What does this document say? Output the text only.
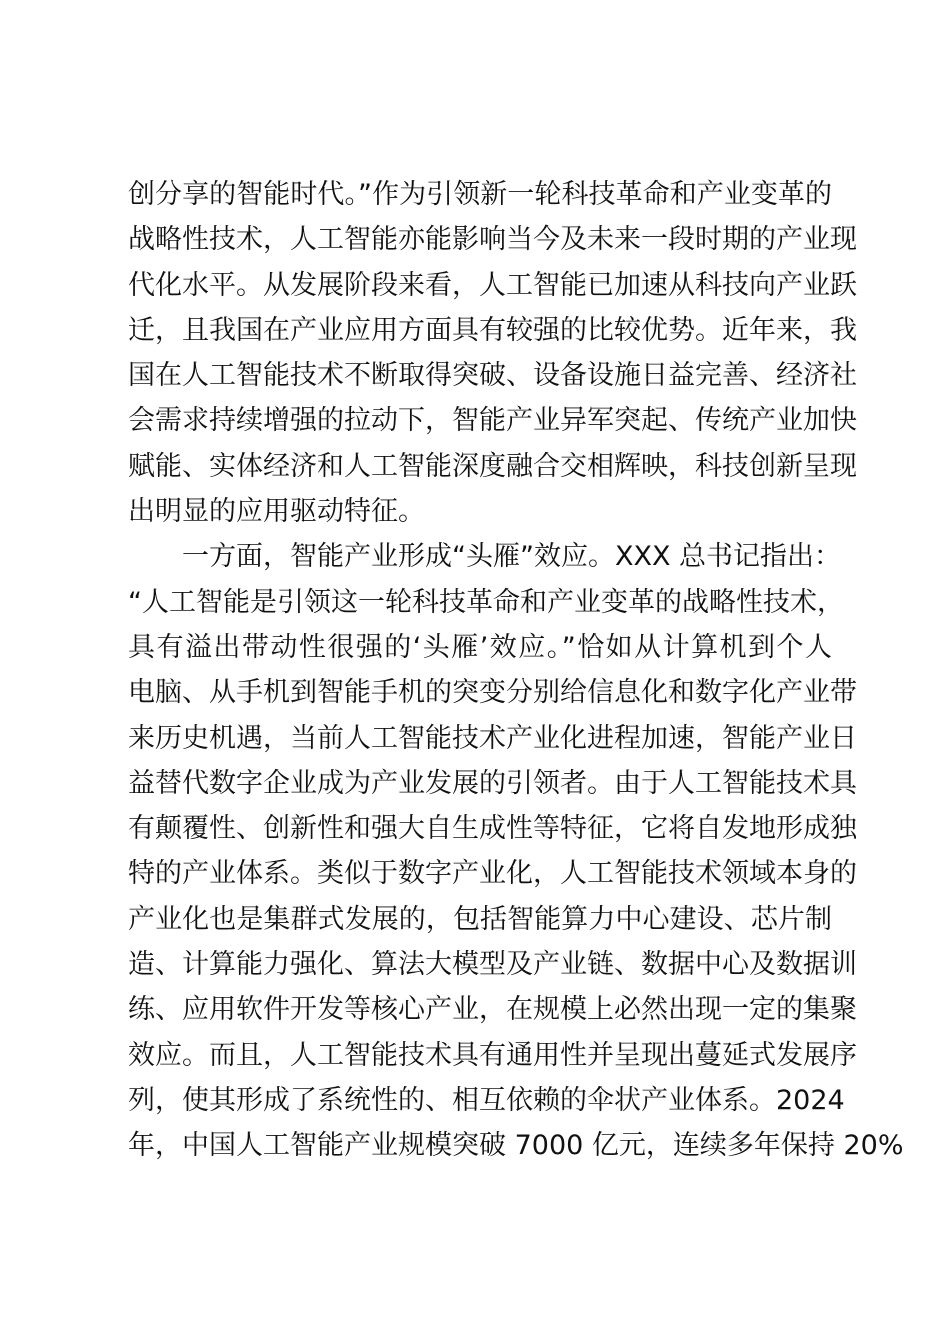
创分享的智能时代。”作为引领新一轮科技革命和产业变革的
战略性技术，人工智能亦能影响当今及未来一段时期的产业现
代化水平。从发展阶段来看，人工智能已加速从科技向产业跃
迁，且我国在产业应用方面具有较强的比较优势。近年来，我
国在人工智能技术不断取得突破、设备设施日益完善、经济社
会需求持续增强的拉动下，智能产业异军突起、传统产业加快
赋能、实体经济和人工智能深度融合交相辉映，科技创新呈现
出明显的应用驱动特征。
一方面，智能产业形成“头雁”效应。XXX 总书记指出：
“人工智能是引领这一轮科技革命和产业变革的战略性技术，
具有溢出带动性很强的‘头雁’效应。”恰如从计算机到个人
电脑、从手机到智能手机的突变分别给信息化和数字化产业带
来历史机遇，当前人工智能技术产业化进程加速，智能产业日
益替代数字企业成为产业发展的引领者。由于人工智能技术具
有颠覆性、创新性和强大自生成性等特征，它将自发地形成独
特的产业体系。类似于数字产业化，人工智能技术领域本身的
产业化也是集群式发展的，包括智能算力中心建设、芯片制
造、计算能力强化、算法大模型及产业链、数据中心及数据训
练、应用软件开发等核心产业，在规模上必然出现一定的集聚
效应。而且，人工智能技术具有通用性并呈现出蔓延式发展序
列，使其形成了系统性的、相互依赖的伞状产业体系。2024
年，中国人工智能产业规模突破 7000 亿元，连续多年保持 20%
